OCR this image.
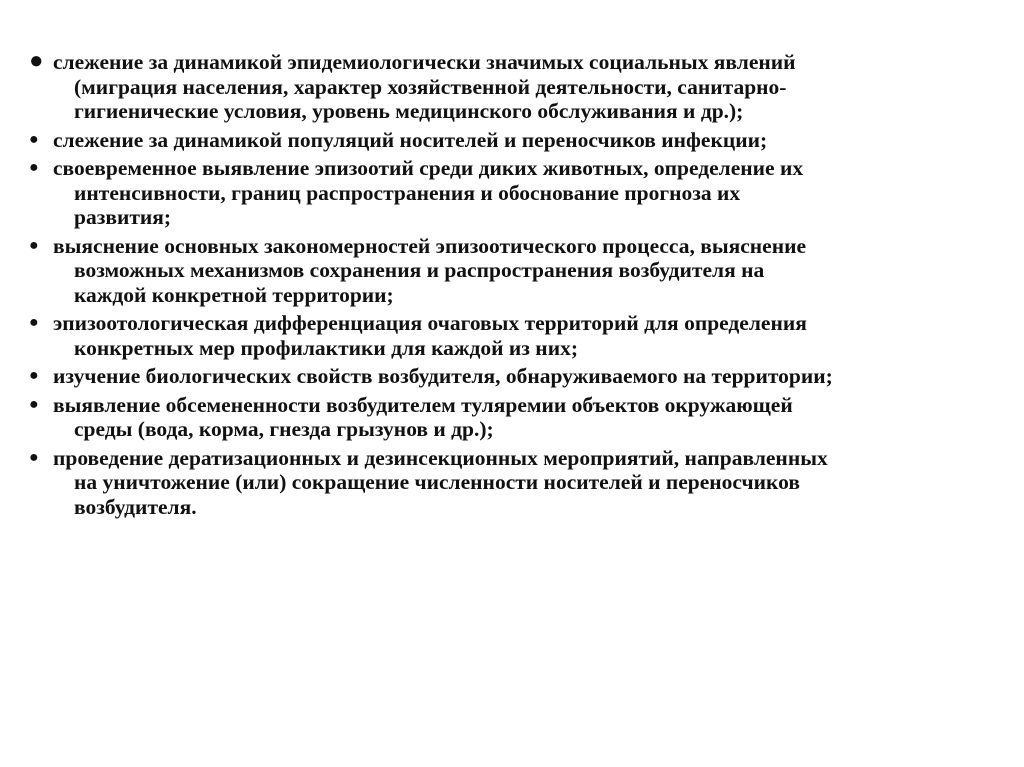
● слежение за динамикой эпидемиологически значимых социальных явлений
(миграция населения, характер хозяйственной деятельности, санитарно-
гигиенические условия, уровень медицинского обслуживания и др.);
● слежение за динамикой популяций носителей и переносчиков инфекции;
● своевременное выявление эпизоотий среди диких животных, определение их
интенсивности, границ распространения и обоснование прогноза их
развития;
● выяснение основных закономерностей эпизоотического процесса, выяснение
возможных механизмов сохранения и распространения возбудителя на
каждой конкретной территории;
● эпизоотологическая дифференциация очаговых территорий для определения
конкретных мер профилактики для каждой из них;
● изучение биологических свойств возбудителя, обнаруживаемого на территории;
● выявление обсемененности возбудителем туляремии объектов окружающей
среды (вода, корма, гнезда грызунов и др.);
● проведение дератизационных и дезинсекционных мероприятий, направленных
на уничтожение (или) сокращение численности носителей и переносчиков
возбудителя.
